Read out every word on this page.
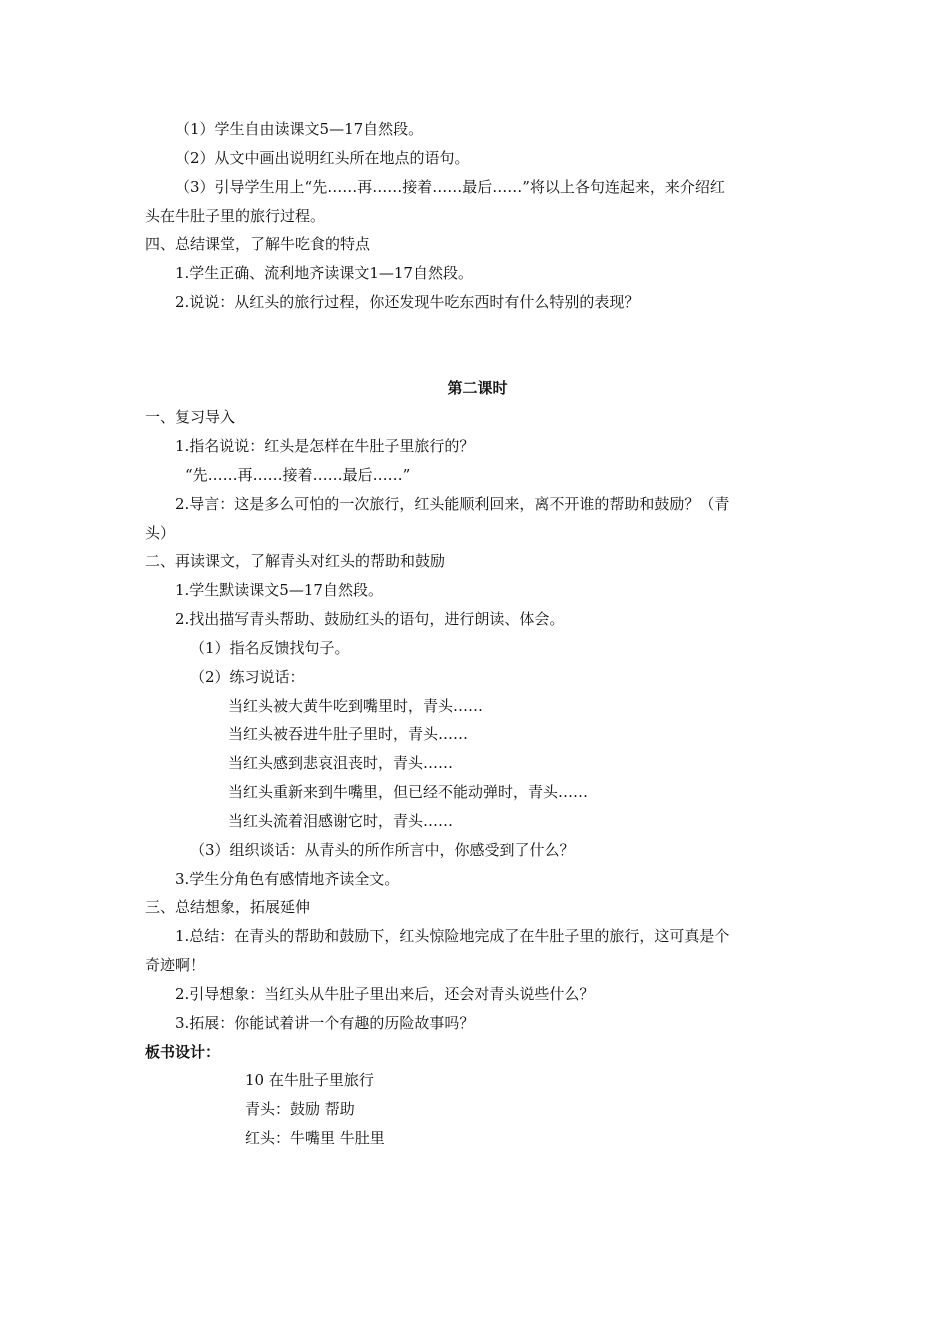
（1）学生自由读课文5—17自然段。

（2）从文中画出说明红头所在地点的语句。

（3）引导学生用上“先……再……接着……最后……”将以上各句连起来，来介绍红

头在牛肚子里的旅行过程。

四、总结课堂，了解牛吃食的特点

1.学生正确、流利地齐读课文1—17自然段。

2.说说：从红头的旅行过程，你还发现牛吃东西时有什么特别的表现？

第二课时

一、复习导入

1.指名说说：红头是怎样在牛肚子里旅行的？

“先……再……接着……最后……”

2.导言：这是多么可怕的一次旅行，红头能顺利回来，离不开谁的帮助和鼓励？（青

头）

二、再读课文，了解青头对红头的帮助和鼓励

1.学生默读课文5—17自然段。

2.找出描写青头帮助、鼓励红头的语句，进行朗读、体会。

（1）指名反馈找句子。

（2）练习说话：

当红头被大黄牛吃到嘴里时，青头……

当红头被吞进牛肚子里时，青头……

当红头感到悲哀沮丧时，青头……

当红头重新来到牛嘴里，但已经不能动弹时，青头……

当红头流着泪感谢它时，青头……

（3）组织谈话：从青头的所作所言中，你感受到了什么？

3.学生分角色有感情地齐读全文。

三、总结想象，拓展延伸

1.总结：在青头的帮助和鼓励下，红头惊险地完成了在牛肚子里的旅行，这可真是个

奇迹啊！

2.引导想象：当红头从牛肚子里出来后，还会对青头说些什么？

3.拓展：你能试着讲一个有趣的历险故事吗？

板书设计：

10 在牛肚子里旅行

青头：鼓励 帮助

红头：牛嘴里 牛肚里
